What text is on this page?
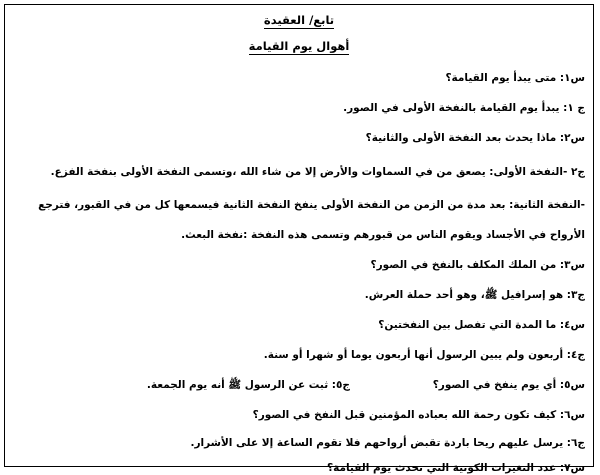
تابع/ العقيدة
أهوال يوم القيامة
س١: متى يبدأ يوم القيامة؟
ج ١: يبدأ يوم القيامة بالنفخة الأولى في الصور.
س٢: ماذا يحدث بعد النفخة الأولى والثانية؟
ج٢ -النفخة الأولى: يصعق من في السماوات والأرض إلا من شاء الله ،وتسمى النفخة الأولى بنفخة الفزع.
-النفخة الثانية: بعد مدة من الزمن من النفخة الأولى ينفخ النفخة الثانية فيسمعها كل من في القبور، فترجع
الأرواح في الأجساد ويقوم الناس من قبورهم وتسمى هذه النفخة :نفخة البعث.
س٣: من الملك المكلف بالنفخ في الصور؟
ج٣: هو إسرافيل ﷺ، وهو أحد حملة العرش.
س٤: ما المدة التي تفصل بين النفختين؟
ج٤: أربعون ولم يبين الرسول أنها أربعون يوما أو شهرا أو سنة.
س٥: أي يوم ينفخ في الصور؟
ج٥: ثبت عن الرسول ﷺ أنه يوم الجمعة.
س٦: كيف تكون رحمة الله بعباده المؤمنين قبل النفخ في الصور؟
ج٦: يرسل عليهم ريحا باردة تقبض أرواحهم فلا تقوم الساعة إلا على الأشرار.
س٧: عدد التغيرات الكونية التي تحدث يوم القيامة؟
